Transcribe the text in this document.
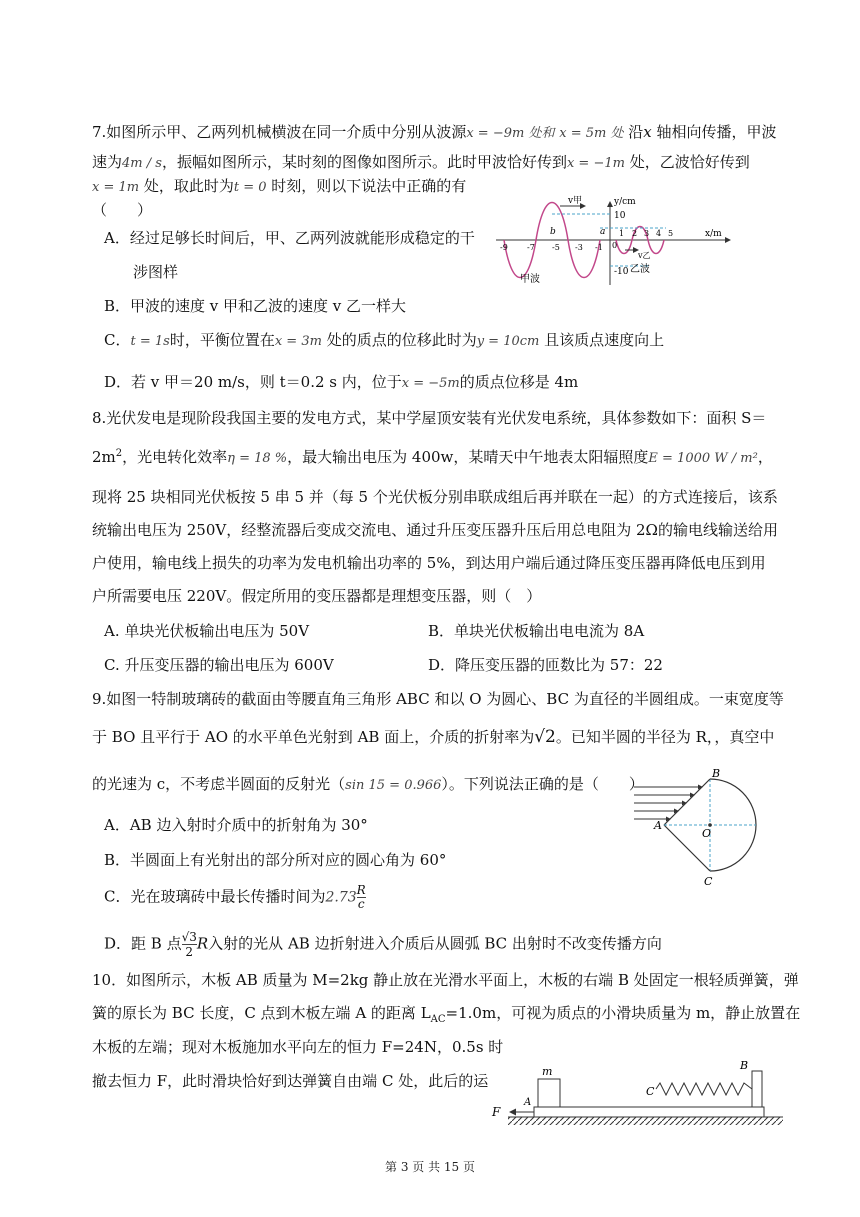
7.如图所示甲、乙两列机械横波在同一介质中分别从波源x = −9m 处和 x = 5m 处 沿x 轴相向传播，甲波
速为4m / s，振幅如图所示，某时刻的图像如图所示。此时甲波恰好传到x = −1m 处，乙波恰好传到
x = 1m 处，取此时为t = 0 时刻，则以下说法中正确的有
（　　）
A．经过足够长时间后，甲、乙两列波就能形成稳定的干
涉图样
B．甲波的速度 v 甲和乙波的速度 v 乙一样大
C．t = 1s时，平衡位置在x = 3m 处的质点的位移此时为y = 10cm 且该质点速度向上
D．若 v 甲＝20 m/s，则 t＝0.2 s 内，位于x = −5m的质点位移是 4m
v甲	y/cm
10
-10
x/m
-9 -7 -5 -3 -1
1 2 3 4 5
a
b
0
v乙
甲波
乙波
8.光伏发电是现阶段我国主要的发电方式，某中学屋顶安装有光伏发电系统，具体参数如下：面积 S＝
$2m^2$，光电转化效率η = 18 %，最大输出电压为 400w，某晴天中午地表太阳辐照度E = 1000 W / m²，
现将 25 块相同光伏板按 5 串 5 并（每 5 个光伏板分别串联成组后再并联在一起）的方式连接后，该系
统输出电压为 250V，经整流器后变成交流电、通过升压变压器升压后用总电阻为 2Ω的输电线输送给用
户使用，输电线上损失的功率为发电机输出功率的 5%，到达用户端后通过降压变压器再降低电压到用
户所需要电压 220V。假定所用的变压器都是理想变压器，则（　）
A. 单块光伏板输出电压为 50V	B．单块光伏板输出电电流为 8A
C. 升压变压器的输出电压为 600V	D．降压变压器的匝数比为 57：22
9.如图一特制玻璃砖的截面由等腰直角三角形 ABC 和以 O 为圆心、BC 为直径的半圆组成。一束宽度等
于 BO 且平行于 AO 的水平单色光射到 AB 面上，介质的折射率为√2。已知半圆的半径为 R，，真空中
的光速为 c，不考虑半圆面的反射光（sin 15 = 0.966）。下列说法正确的是（　　）
A．AB 边入射时介质中的折射角为 30°
B．半圆面上有光射出的部分所对应的圆心角为 60°
C．光在玻璃砖中最长传播时间为$2.73 \frac{R}{c}$
D．距 B 点 $\frac{√3}{2}$ R入射的光从 AB 边折射进入介质后从圆弧 BC 出射时不改变传播方向
B
A
O
C
10．如图所示，木板 AB 质量为 M=2kg 静止放在光滑水平面上，木板的右端 B 处固定一根轻质弹簧，弹
簧的原长为 BC 长度，C 点到木板左端 A 的距离 $L_{AC}=1.0m$，可视为质点的小滑块质量为 m，静止放置在
木板的左端；现对木板施加水平向左的恒力 F=24N，0.5s 时
撤去恒力 F，此时滑块恰好到达弹簧自由端 C 处，此后的运
m	B
C
A
F
第 3 页 共 15 页
